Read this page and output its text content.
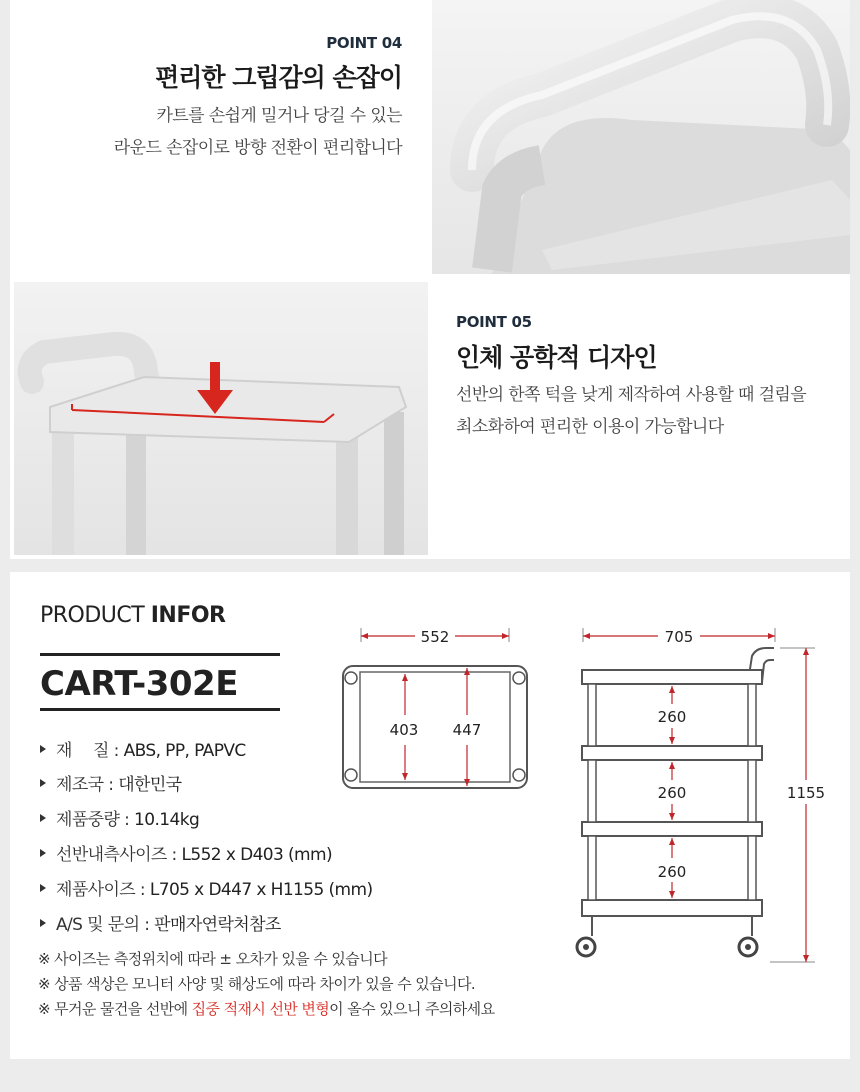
POINT 04
편리한 그립감의 손잡이
카트를 손쉽게 밀거나 당길 수 있는
라운드 손잡이로 방향 전환이 편리합니다
POINT 05
인체 공학적 디자인
선반의 한쪽 턱을 낮게 제작하여 사용할 때 걸림을
최소화하여 편리한 이용이 가능합니다
PRODUCT INFOR
CART-302E
재　 질 : ABS, PP, PAPVC
제조국 : 대한민국
제품중량 : 10.14kg
선반내측사이즈 : L552 x D403 (mm)
제품사이즈 : L705 x D447 x H1155 (mm)
A/S 및 문의 : 판매자연락처참조
※ 사이즈는 측정위치에 따라 ± 오차가 있을 수 있습니다
※ 상품 색상은 모니터 사양 및 해상도에 따라 차이가 있을 수 있습니다.
※ 무거운 물건을 선반에 집중 적재시 선반 변형이 올수 있으니 주의하세요
552
403 447
705
260
260
260
1155
